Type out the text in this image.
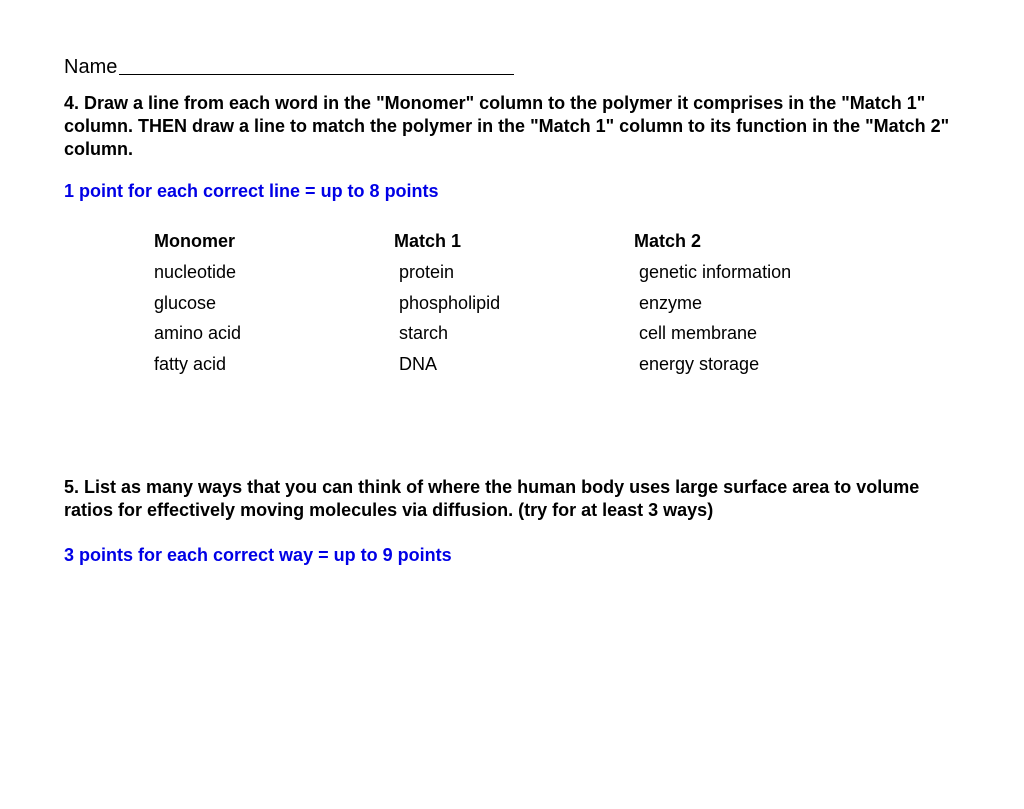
Name
4. Draw a line from each word in the "Monomer" column to the polymer it comprises in the "Match 1" column. THEN draw a line to match the polymer in the "Match 1" column to its function in the "Match 2" column.
1 point for each correct line = up to 8 points
Monomer
nucleotide
glucose
amino acid
fatty acid
Match 1
protein
phospholipid
starch
DNA
Match 2
genetic information
enzyme
cell membrane
energy storage
5. List as many ways that you can think of where the human body uses large surface area to volume ratios for effectively moving molecules via diffusion. (try for at least 3 ways)
3 points for each correct way = up to 9 points
